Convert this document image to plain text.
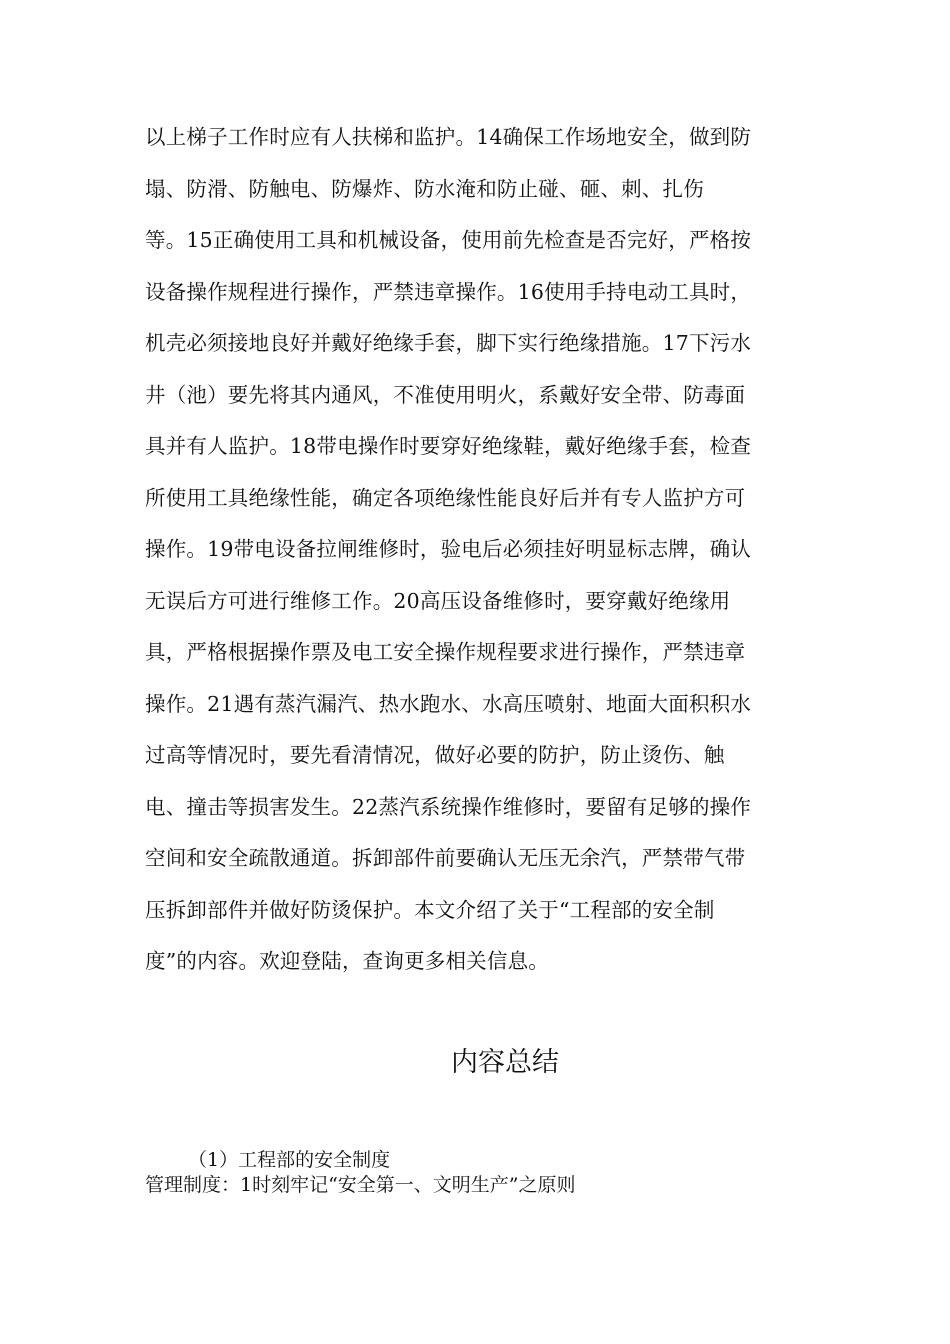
以上梯子工作时应有人扶梯和监护。14确保工作场地安全，做到防
塌、防滑、防触电、防爆炸、防水淹和防止碰、砸、刺、扎伤
等。15正确使用工具和机械设备，使用前先检查是否完好，严格按
设备操作规程进行操作，严禁违章操作。16使用手持电动工具时，
机壳必须接地良好并戴好绝缘手套，脚下实行绝缘措施。17下污水
井（池）要先将其内通风，不准使用明火，系戴好安全带、防毒面
具并有人监护。18带电操作时要穿好绝缘鞋，戴好绝缘手套，检查
所使用工具绝缘性能，确定各项绝缘性能良好后并有专人监护方可
操作。19带电设备拉闸维修时，验电后必须挂好明显标志牌，确认
无误后方可进行维修工作。20高压设备维修时，要穿戴好绝缘用
具，严格根据操作票及电工安全操作规程要求进行操作，严禁违章
操作。21遇有蒸汽漏汽、热水跑水、水高压喷射、地面大面积积水
过高等情况时，要先看清情况，做好必要的防护，防止烫伤、触
电、撞击等损害发生。22蒸汽系统操作维修时，要留有足够的操作
空间和安全疏散通道。拆卸部件前要确认无压无余汽，严禁带气带
压拆卸部件并做好防烫保护。本文介绍了关于“工程部的安全制
度”的内容。欢迎登陆，查询更多相关信息。
内容总结

（1）工程部的安全制度

管理制度：1时刻牢记“安全第一、文明生产”之原则
